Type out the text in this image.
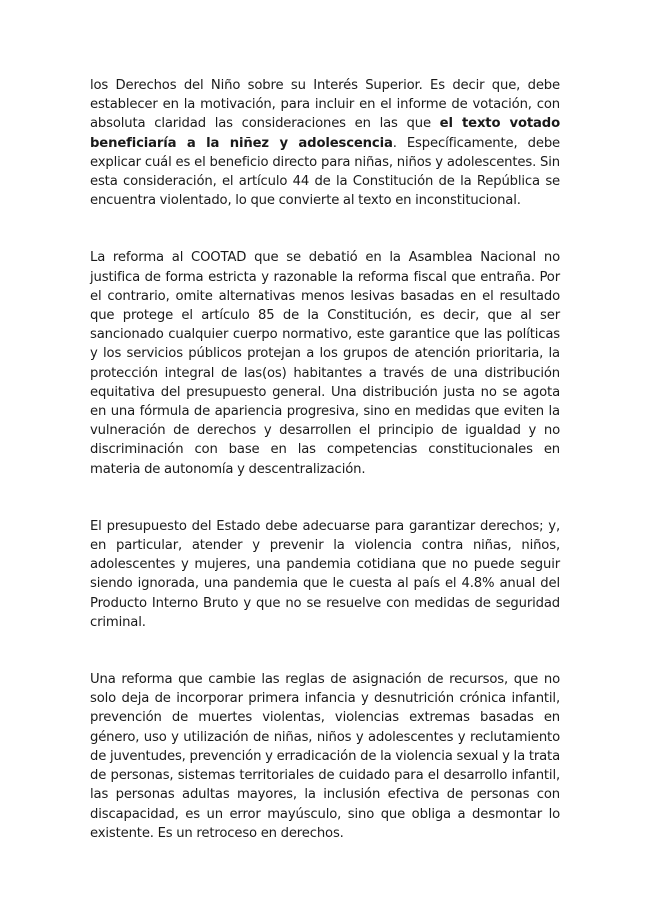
los Derechos del Niño sobre su Interés Superior. Es decir que, debe establecer en la motivación, para incluir en el informe de votación, con absoluta claridad las consideraciones en las que el texto votado beneficiaría a la niñez y adolescencia. Específicamente, debe explicar cuál es el beneficio directo para niñas, niños y adolescentes. Sin esta consideración, el artículo 44 de la Constitución de la República se encuentra violentado, lo que convierte al texto en inconstitucional.

La reforma al COOTAD que se debatió en la Asamblea Nacional no justifica de forma estricta y razonable la reforma fiscal que entraña. Por el contrario, omite alternativas menos lesivas basadas en el resultado que protege el artículo 85 de la Constitución, es decir, que al ser sancionado cualquier cuerpo normativo, este garantice que las políticas y los servicios públicos protejan a los grupos de atención prioritaria, la protección integral de las(os) habitantes a través de una distribución equitativa del presupuesto general. Una distribución justa no se agota en una fórmula de apariencia progresiva, sino en medidas que eviten la vulneración de derechos y desarrollen el principio de igualdad y no discriminación con base en las competencias constitucionales en materia de autonomía y descentralización.

El presupuesto del Estado debe adecuarse para garantizar derechos; y, en particular, atender y prevenir la violencia contra niñas, niños, adolescentes y mujeres, una pandemia cotidiana que no puede seguir siendo ignorada, una pandemia que le cuesta al país el 4.8% anual del Producto Interno Bruto y que no se resuelve con medidas de seguridad criminal.

Una reforma que cambie las reglas de asignación de recursos, que no solo deja de incorporar primera infancia y desnutrición crónica infantil, prevención de muertes violentas, violencias extremas basadas en género, uso y utilización de niñas, niños y adolescentes y reclutamiento de juventudes, prevención y erradicación de la violencia sexual y la trata de personas, sistemas territoriales de cuidado para el desarrollo infantil, las personas adultas mayores, la inclusión efectiva de personas con discapacidad, es un error mayúsculo, sino que obliga a desmontar lo existente. Es un retroceso en derechos.
